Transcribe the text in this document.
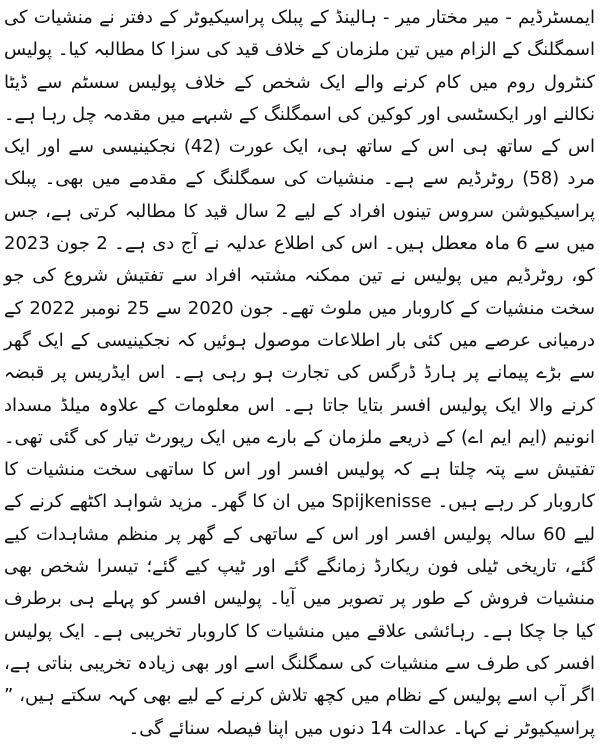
ایمسٹرڈیم - میر مختار میر - ہالینڈ کے پبلک پراسیکیوٹر کے دفتر نے منشیات کی اسمگلنگ کے الزام میں تین ملزمان کے خلاف قید کی سزا کا مطالبہ کیا۔ پولیس کنٹرول روم میں کام کرنے والے ایک شخص کے خلاف پولیس سسٹم سے ڈیٹا نکالنے اور ایکسٹسی اور کوکین کی اسمگلنگ کے شبہے میں مقدمہ چل رہا ہے۔ اس کے ساتھ ہی اس کے ساتھ ہی، ایک عورت (42) نجکینیسی سے اور ایک مرد (58) روٹرڈیم سے ہے۔ منشیات کی سمگلنگ کے مقدمے میں بھی۔ پبلک پراسیکیوشن سروس تینوں افراد کے لیے 2 سال قید کا مطالبہ کرتی ہے، جس میں سے 6 ماہ معطل ہیں۔ اس کی اطلاع عدلیہ نے آج دی ہے۔ 2 جون 2023 کو، روٹرڈیم میں پولیس نے تین ممکنہ مشتبہ افراد سے تفتیش شروع کی جو سخت منشیات کے کاروبار میں ملوث تھے۔ جون 2020 سے 25 نومبر 2022 کے درمیانی عرصے میں کئی بار اطلاعات موصول ہوئیں کہ نجکینیسی کے ایک گھر سے بڑے پیمانے پر ہارڈ ڈرگس کی تجارت ہو رہی ہے۔ اس ایڈریس پر قبضہ کرنے والا ایک پولیس افسر بتایا جاتا ہے۔ اس معلومات کے علاوہ میلڈ مسداد انونیم (ایم ایم اے) کے ذریعے ملزمان کے بارے میں ایک رپورٹ تیار کی گئی تھی۔ تفتیش سے پتہ چلتا ہے کہ پولیس افسر اور اس کا ساتھی سخت منشیات کا کاروبار کر رہے ہیں۔ Spijkenisse میں ان کا گھر۔ مزید شواہد اکٹھے کرنے کے لیے 60 سالہ پولیس افسر اور اس کے ساتھی کے گھر پر منظم مشاہدات کیے گئے، تاریخی ٹیلی فون ریکارڈ زمانگے گئے اور ٹیپ کیے گئے؛ تیسرا شخص بھی منشیات فروش کے طور پر تصویر میں آیا۔ پولیس افسر کو پہلے ہی برطرف کیا جا چکا ہے۔ رہائشی علاقے میں منشیات کا کاروبار تخریبی ہے۔ ایک پولیس افسر کی طرف سے منشیات کی سمگلنگ اسے اور بھی زیادہ تخریبی بناتی ہے، اگر آپ اسے پولیس کے نظام میں کچھ تلاش کرنے کے لیے بھی کہہ سکتے ہیں، ” پراسیکیوٹر نے کہا۔ عدالت 14 دنوں میں اپنا فیصلہ سنائے گی۔
